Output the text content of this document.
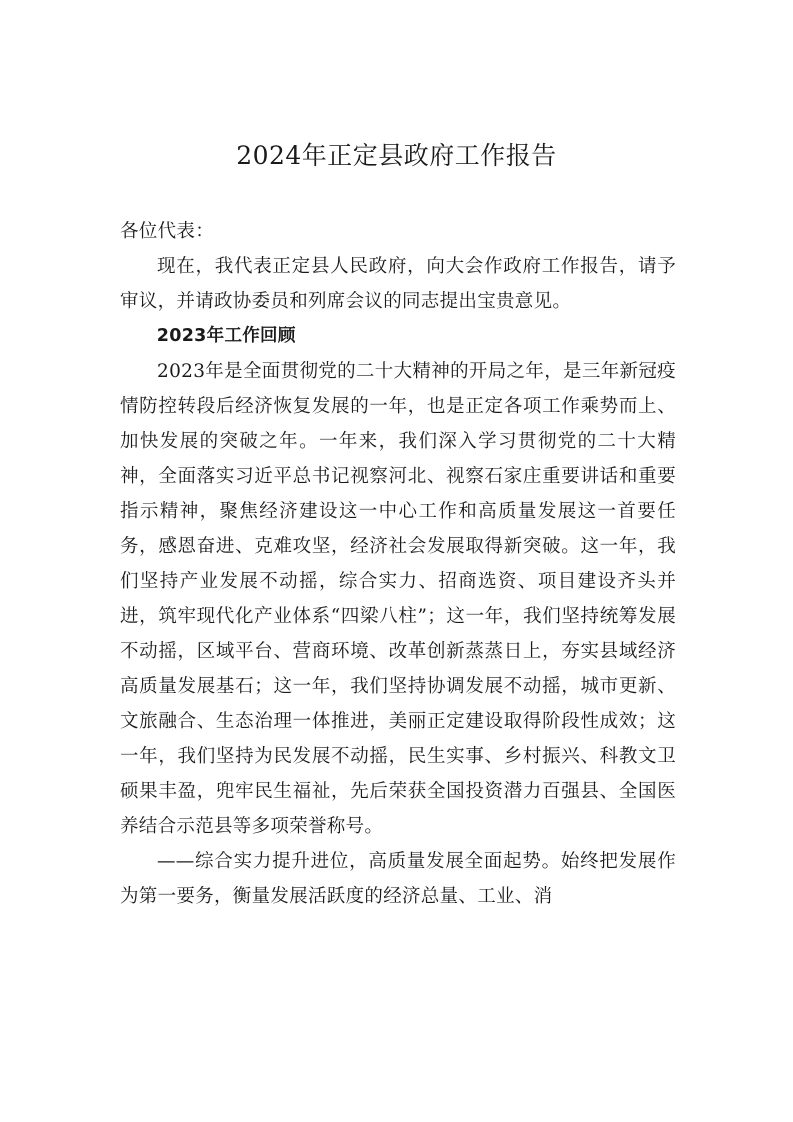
2024年正定县政府工作报告

各位代表：

现在，我代表正定县人民政府，向大会作政府工作报告，请予审议，并请政协委员和列席会议的同志提出宝贵意见。

2023年工作回顾

2023年是全面贯彻党的二十大精神的开局之年，是三年新冠疫情防控转段后经济恢复发展的一年，也是正定各项工作乘势而上、加快发展的突破之年。一年来，我们深入学习贯彻党的二十大精神，全面落实习近平总书记视察河北、视察石家庄重要讲话和重要指示精神，聚焦经济建设这一中心工作和高质量发展这一首要任务，感恩奋进、克难攻坚，经济社会发展取得新突破。这一年，我们坚持产业发展不动摇，综合实力、招商选资、项目建设齐头并进，筑牢现代化产业体系“四梁八柱”；这一年，我们坚持统筹发展不动摇，区域平台、营商环境、改革创新蒸蒸日上，夯实县域经济高质量发展基石；这一年，我们坚持协调发展不动摇，城市更新、文旅融合、生态治理一体推进，美丽正定建设取得阶段性成效；这一年，我们坚持为民发展不动摇，民生实事、乡村振兴、科教文卫硕果丰盈，兜牢民生福祉，先后荣获全国投资潜力百强县、全国医养结合示范县等多项荣誉称号。

——综合实力提升进位，高质量发展全面起势。始终把发展作为第一要务，衡量发展活跃度的经济总量、工业、消
